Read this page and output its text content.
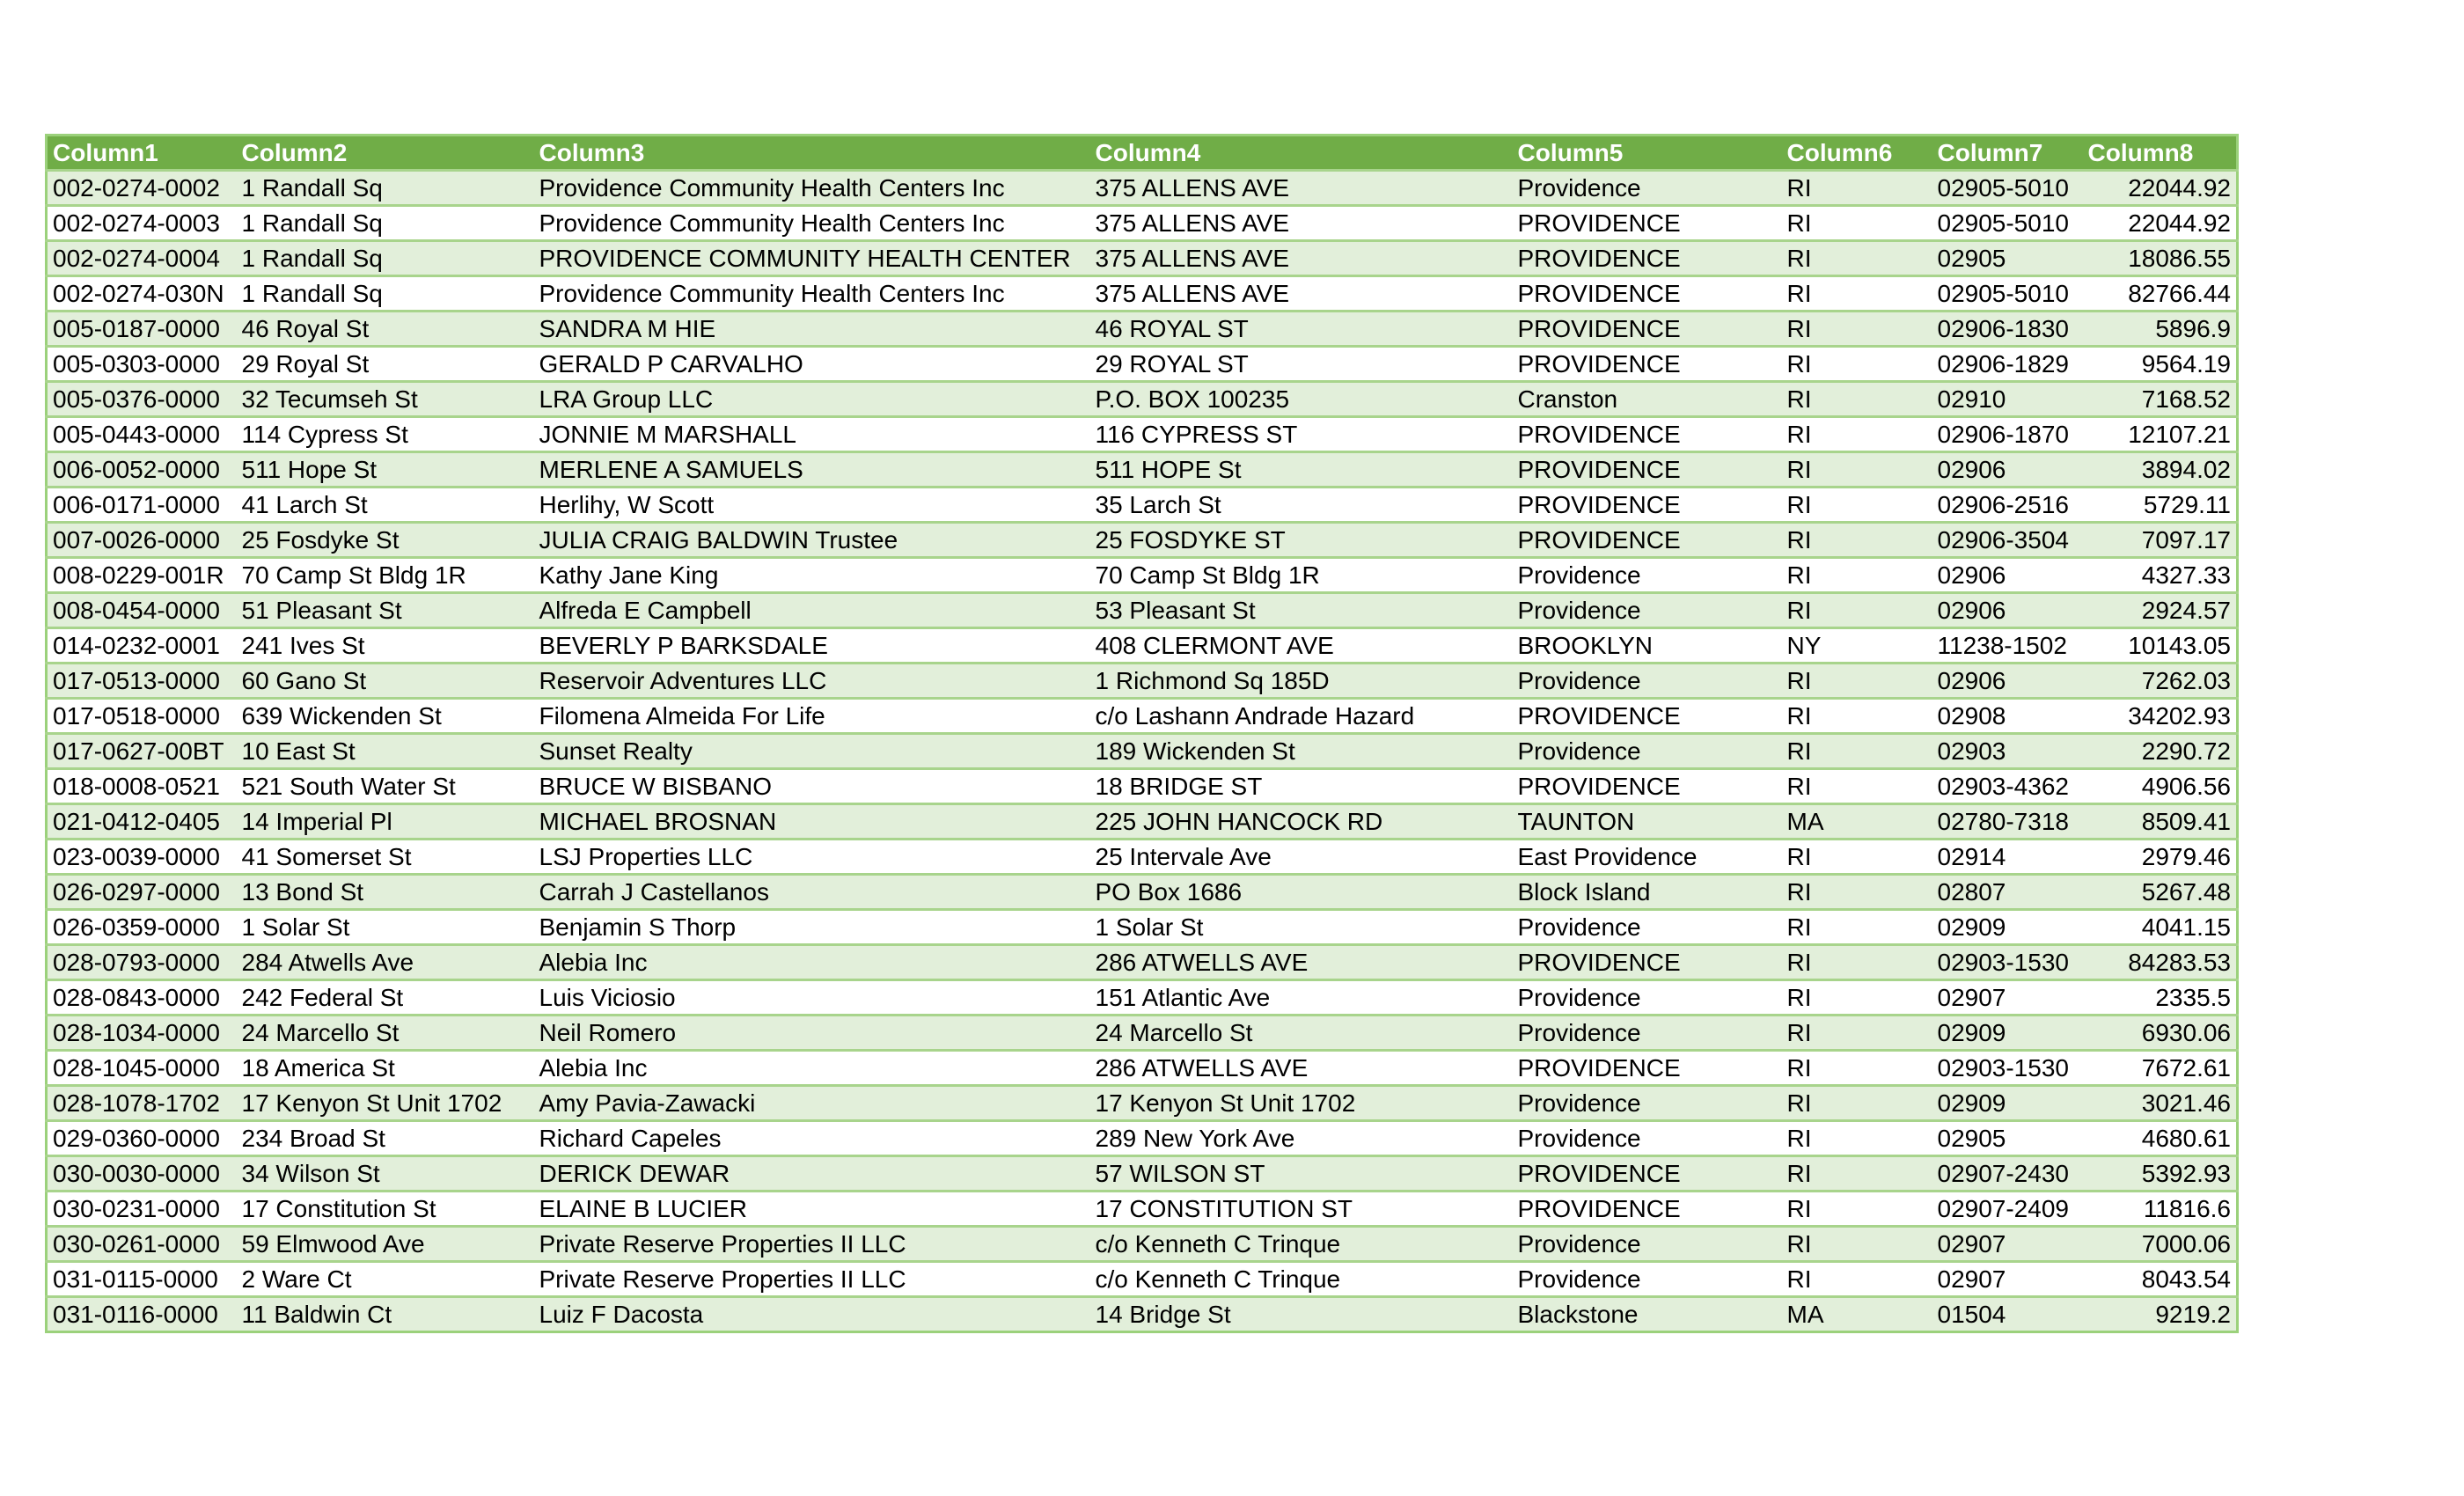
Column1	Column2	Column3	Column4	Column5	Column6	Column7	Column8
002-0274-0002	1 Randall Sq	Providence Community Health Centers Inc	375 ALLENS AVE	Providence	RI	02905-5010	22044.92
002-0274-0003	1 Randall Sq	Providence Community Health Centers Inc	375 ALLENS AVE	PROVIDENCE	RI	02905-5010	22044.92
002-0274-0004	1 Randall Sq	PROVIDENCE COMMUNITY HEALTH CENTER	375 ALLENS AVE	PROVIDENCE	RI	02905	18086.55
002-0274-030N	1 Randall Sq	Providence Community Health Centers Inc	375 ALLENS AVE	PROVIDENCE	RI	02905-5010	82766.44
005-0187-0000	46 Royal St	SANDRA M HIE	46 ROYAL ST	PROVIDENCE	RI	02906-1830	5896.9
005-0303-0000	29 Royal St	GERALD P CARVALHO	29 ROYAL ST	PROVIDENCE	RI	02906-1829	9564.19
005-0376-0000	32 Tecumseh St	LRA Group LLC	P.O. BOX 100235	Cranston	RI	02910	7168.52
005-0443-0000	114 Cypress St	JONNIE M MARSHALL	116 CYPRESS ST	PROVIDENCE	RI	02906-1870	12107.21
006-0052-0000	511 Hope St	MERLENE A SAMUELS	511 HOPE St	PROVIDENCE	RI	02906	3894.02
006-0171-0000	41 Larch St	Herlihy, W Scott	35 Larch St	PROVIDENCE	RI	02906-2516	5729.11
007-0026-0000	25 Fosdyke St	JULIA CRAIG BALDWIN Trustee	25 FOSDYKE ST	PROVIDENCE	RI	02906-3504	7097.17
008-0229-001R	70 Camp St Bldg 1R	Kathy Jane King	70 Camp St Bldg 1R	Providence	RI	02906	4327.33
008-0454-0000	51 Pleasant St	Alfreda E Campbell	53 Pleasant St	Providence	RI	02906	2924.57
014-0232-0001	241 Ives St	BEVERLY P BARKSDALE	408 CLERMONT AVE	BROOKLYN	NY	11238-1502	10143.05
017-0513-0000	60 Gano St	Reservoir Adventures LLC	1 Richmond Sq 185D	Providence	RI	02906	7262.03
017-0518-0000	639 Wickenden St	Filomena Almeida For Life	c/o Lashann Andrade Hazard	PROVIDENCE	RI	02908	34202.93
017-0627-00BT	10 East St	Sunset Realty	189 Wickenden St	Providence	RI	02903	2290.72
018-0008-0521	521 South Water St	BRUCE W BISBANO	18 BRIDGE ST	PROVIDENCE	RI	02903-4362	4906.56
021-0412-0405	14 Imperial Pl	MICHAEL BROSNAN	225 JOHN HANCOCK RD	TAUNTON	MA	02780-7318	8509.41
023-0039-0000	41 Somerset St	LSJ Properties LLC	25 Intervale Ave	East Providence	RI	02914	2979.46
026-0297-0000	13 Bond St	Carrah J Castellanos	PO Box 1686	Block Island	RI	02807	5267.48
026-0359-0000	1 Solar St	Benjamin S Thorp	1 Solar St	Providence	RI	02909	4041.15
028-0793-0000	284 Atwells Ave	Alebia Inc	286 ATWELLS AVE	PROVIDENCE	RI	02903-1530	84283.53
028-0843-0000	242 Federal St	Luis Viciosio	151 Atlantic Ave	Providence	RI	02907	2335.5
028-1034-0000	24 Marcello St	Neil Romero	24 Marcello St	Providence	RI	02909	6930.06
028-1045-0000	18 America St	Alebia Inc	286 ATWELLS AVE	PROVIDENCE	RI	02903-1530	7672.61
028-1078-1702	17 Kenyon St Unit 1702	Amy Pavia-Zawacki	17 Kenyon St Unit 1702	Providence	RI	02909	3021.46
029-0360-0000	234 Broad St	Richard Capeles	289 New York Ave	Providence	RI	02905	4680.61
030-0030-0000	34 Wilson St	DERICK DEWAR	57 WILSON ST	PROVIDENCE	RI	02907-2430	5392.93
030-0231-0000	17 Constitution St	ELAINE B LUCIER	17 CONSTITUTION ST	PROVIDENCE	RI	02907-2409	11816.6
030-0261-0000	59 Elmwood Ave	Private Reserve Properties II LLC	c/o Kenneth C Trinque	Providence	RI	02907	7000.06
031-0115-0000	2 Ware Ct	Private Reserve Properties II LLC	c/o Kenneth C Trinque	Providence	RI	02907	8043.54
031-0116-0000	11 Baldwin Ct	Luiz F Dacosta	14 Bridge St	Blackstone	MA	01504	9219.2
